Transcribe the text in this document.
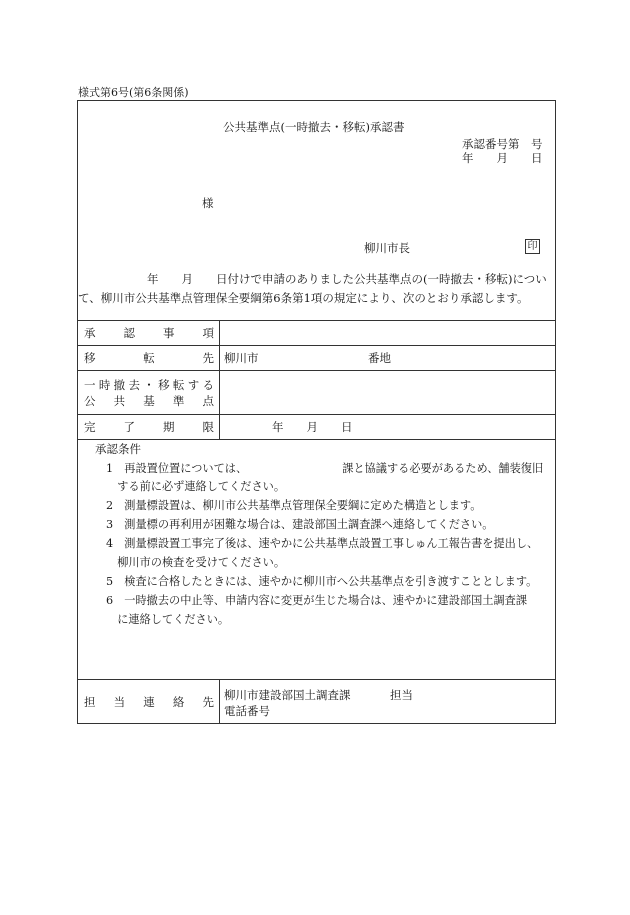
様式第6号(第6条関係)
公共基準点(一時撤去・移転)承認書
承認番号第　号
年　　月　　日
様
柳川市長	印
　　　　　　年　　月　　日付けで申請のありました公共基準点の(一時撤去・移転)につい
て、柳川市公共基準点管理保全要綱第6条第1項の規定により、次のとおり承認します。
承 認 事 項
移	転	先 柳川市	番地
一 時 撤 去 ・ 移 転 す る
公 共 基 準 点
完 了 期 限	年　　月　　日
承認条件
1　再設置位置については、　　　　　　　　　課と協議する必要があるため、舗装復旧
　する前に必ず連絡してください。
2　測量標設置は、柳川市公共基準点管理保全要綱に定めた構造とします。
3　測量標の再利用が困難な場合は、建設部国土調査課へ連絡してください。
4　測量標設置工事完了後は、速やかに公共基準点設置工事しゅん工報告書を提出し、
　柳川市の検査を受けてください。
5　検査に合格したときには、速やかに柳川市へ公共基準点を引き渡すこととします。
6　一時撤去の中止等、申請内容に変更が生じた場合は、速やかに建設部国土調査課
　に連絡してください。
担 当 連 絡 先 柳川市建設部国土調査課	担当
電話番号
